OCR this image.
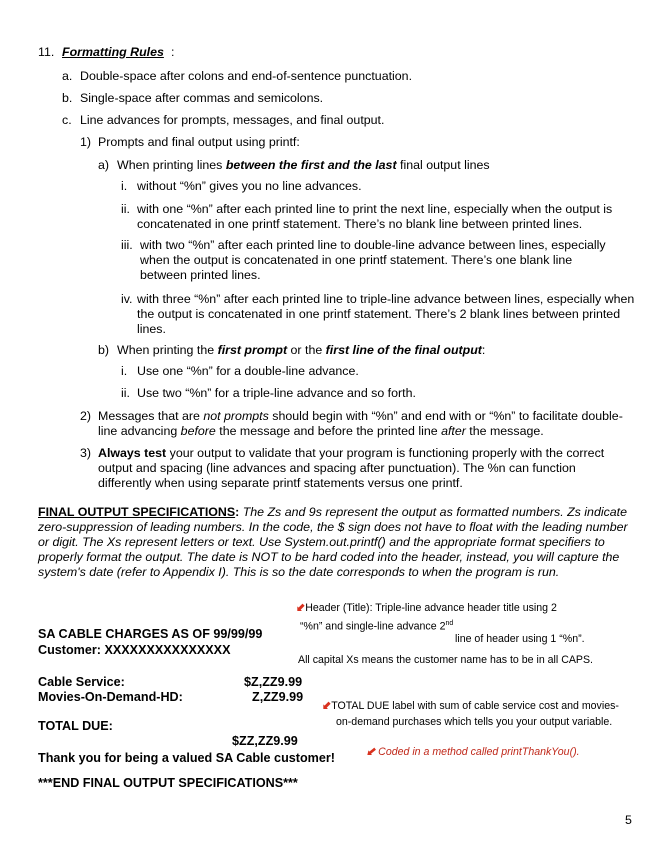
11. Formatting Rules :
a. Double-space after colons and end-of-sentence punctuation.
b. Single-space after commas and semicolons.
c. Line advances for prompts, messages, and final output.
1) Prompts and final output using printf:
a) When printing lines between the first and the last final output lines
i. without “%n” gives you no line advances.
ii. with one “%n” after each printed line to print the next line, especially when the output is concatenated in one printf statement. There’s no blank line between printed lines.
iii. with two “%n” after each printed line to double-line advance between lines, especially when the output is concatenated in one printf statement. There’s one blank line between printed lines.
iv. with three “%n” after each printed line to triple-line advance between lines, especially when the output is concatenated in one printf statement. There’s 2 blank lines between printed lines.
b) When printing the first prompt or the first line of the final output:
i. Use one “%n” for a double-line advance.
ii. Use two “%n” for a triple-line advance and so forth.
2) Messages that are not prompts should begin with “%n” and end with or “%n” to facilitate double-line advancing before the message and before the printed line after the message.
3) Always test your output to validate that your program is functioning properly with the correct output and spacing (line advances and spacing after punctuation). The %n can function differently when using separate printf statements versus one printf.
FINAL OUTPUT SPECIFICATIONS: The Zs and 9s represent the output as formatted numbers. Zs indicate zero-suppression of leading numbers. In the code, the $ sign does not have to float with the leading number or digit. The Xs represent letters or text. Use System.out.printf() and the appropriate format specifiers to properly format the output. The date is NOT to be hard coded into the header, instead, you will capture the system's date (refer to Appendix I). This is so the date corresponds to when the program is run.
⬋Header (Title): Triple-line advance header title using 2
“%n” and single-line advance 2nd
line of header using 1 “%n”.
All capital Xs means the customer name has to be in all CAPS.
SA CABLE CHARGES AS OF 99/99/99
Customer: XXXXXXXXXXXXXXX
Cable Service:	$Z,ZZ9.99
Movies-On-Demand-HD:	Z,ZZ9.99
⬋TOTAL DUE label with sum of cable service cost and movies-
on-demand purchases which tells you your output variable.
TOTAL DUE:
$ZZ,ZZ9.99
Thank you for being a valued SA Cable customer!	⬋ Coded in a method called printThankYou().
***END FINAL OUTPUT SPECIFICATIONS***
5
